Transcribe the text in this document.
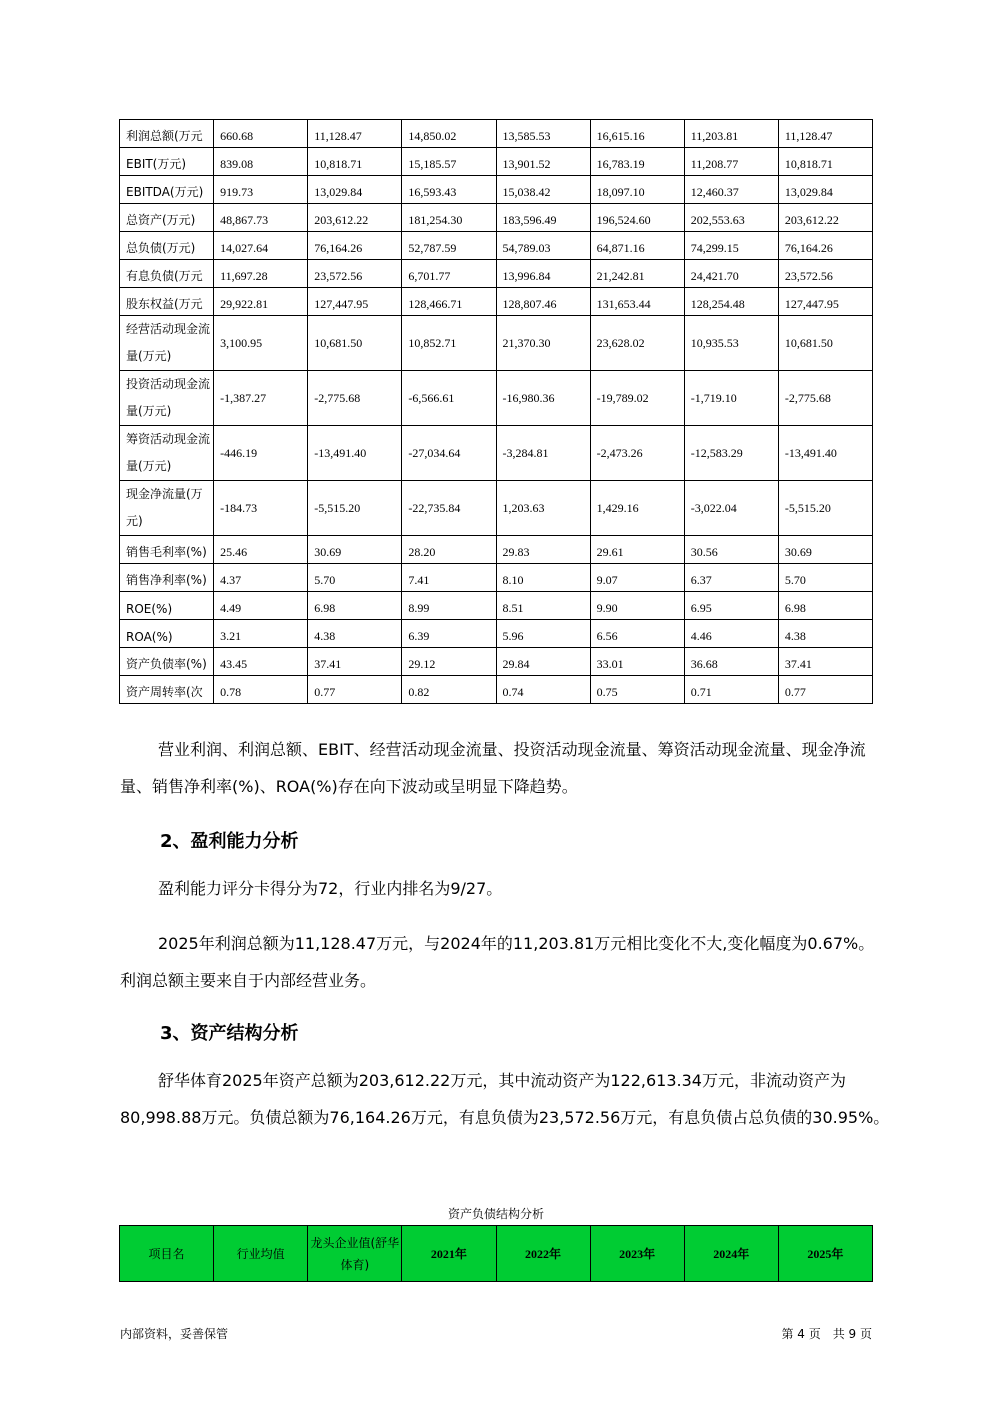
利润总额(万元	660.68	11,128.47	14,850.02	13,585.53	16,615.16	11,203.81	11,128.47
EBIT(万元)	839.08	10,818.71	15,185.57	13,901.52	16,783.19	11,208.77	10,818.71
EBITDA(万元)	919.73	13,029.84	16,593.43	15,038.42	18,097.10	12,460.37	13,029.84
总资产(万元)	48,867.73	203,612.22	181,254.30	183,596.49	196,524.60	202,553.63	203,612.22
总负债(万元)	14,027.64	76,164.26	52,787.59	54,789.03	64,871.16	74,299.15	76,164.26
有息负债(万元	11,697.28	23,572.56	6,701.77	13,996.84	21,242.81	24,421.70	23,572.56
股东权益(万元	29,922.81	127,447.95	128,466.71	128,807.46	131,653.44	128,254.48	127,447.95
经营活动现金流量(万元)	3,100.95	10,681.50	10,852.71	21,370.30	23,628.02	10,935.53	10,681.50
投资活动现金流量(万元)	-1,387.27	-2,775.68	-6,566.61	-16,980.36	-19,789.02	-1,719.10	-2,775.68
筹资活动现金流量(万元)	-446.19	-13,491.40	-27,034.64	-3,284.81	-2,473.26	-12,583.29	-13,491.40
现金净流量(万元)	-184.73	-5,515.20	-22,735.84	1,203.63	1,429.16	-3,022.04	-5,515.20
销售毛利率(%)	25.46	30.69	28.20	29.83	29.61	30.56	30.69
销售净利率(%)	4.37	5.70	7.41	8.10	9.07	6.37	5.70
ROE(%)	4.49	6.98	8.99	8.51	9.90	6.95	6.98
ROA(%)	3.21	4.38	6.39	5.96	6.56	4.46	4.38
资产负债率(%)	43.45	37.41	29.12	29.84	33.01	36.68	37.41
资产周转率(次	0.78	0.77	0.82	0.74	0.75	0.71	0.77
营业利润、利润总额、EBIT、经营活动现金流量、投资活动现金流量、筹资活动现金流量、现金净流量、销售净利率(%)、ROA(%)存在向下波动或呈明显下降趋势。
2、盈利能力分析
盈利能力评分卡得分为72，行业内排名为9/27。
2025年利润总额为11,128.47万元，与2024年的11,203.81万元相比变化不大,变化幅度为0.67%。利润总额主要来自于内部经营业务。
3、资产结构分析
舒华体育2025年资产总额为203,612.22万元，其中流动资产为122,613.34万元，非流动资产为80,998.88万元。负债总额为76,164.26万元，有息负债为23,572.56万元，有息负债占总负债的30.95%。
资产负债结构分析
项目名	行业均值	龙头企业值(舒华体育)	2021年	2022年	2023年	2024年	2025年
内部资料，妥善保管	第 4 页　共 9 页
